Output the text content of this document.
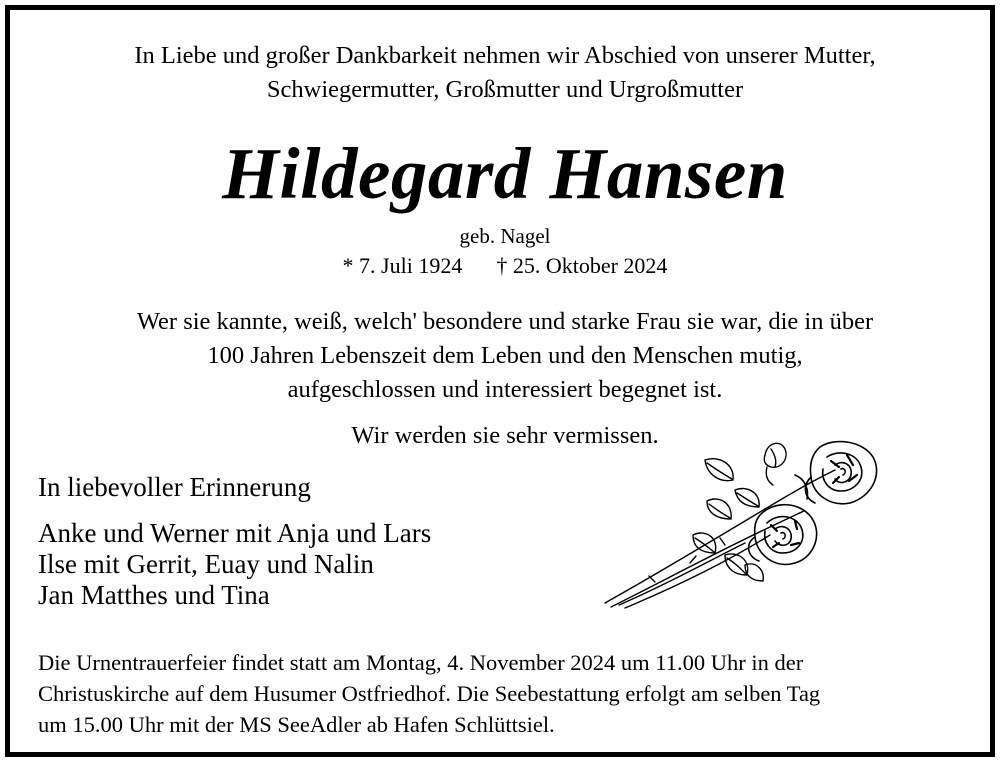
In Liebe und großer Dankbarkeit nehmen wir Abschied von unserer Mutter,
Schwiegermutter, Großmutter und Urgroßmutter
Hildegard Hansen
geb. Nagel
* 7. Juli 1924 † 25. Oktober 2024
Wer sie kannte, weiß, welch' besondere und starke Frau sie war, die in über
100 Jahren Lebenszeit dem Leben und den Menschen mutig,
aufgeschlossen und interessiert begegnet ist.
Wir werden sie sehr vermissen.
In liebevoller Erinnerung
Anke und Werner mit Anja und Lars
Ilse mit Gerrit, Euay und Nalin
Jan Matthes und Tina
Die Urnentrauerfeier findet statt am Montag, 4. November 2024 um 11.00 Uhr in der
Christuskirche auf dem Husumer Ostfriedhof. Die Seebestattung erfolgt am selben Tag
um 15.00 Uhr mit der MS SeeAdler ab Hafen Schlüttsiel.
